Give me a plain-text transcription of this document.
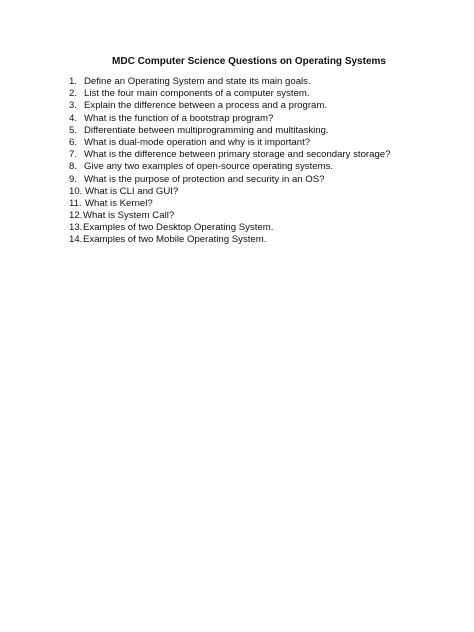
MDC Computer Science Questions on Operating Systems
1. Define an Operating System and state its main goals.
2. List the four main components of a computer system.
3. Explain the difference between a process and a program.
4. What is the function of a bootstrap program?
5. Differentiate between multiprogramming and multitasking.
6. What is dual-mode operation and why is it important?
7. What is the difference between primary storage and secondary storage?
8. Give any two examples of open-source operating systems.
9. What is the purpose of protection and security in an OS?
10. What is CLI and GUI?
11. What is Kernel?
12. What is System Call?
13. Examples of two Desktop Operating System.
14. Examples of two Mobile Operating System.
